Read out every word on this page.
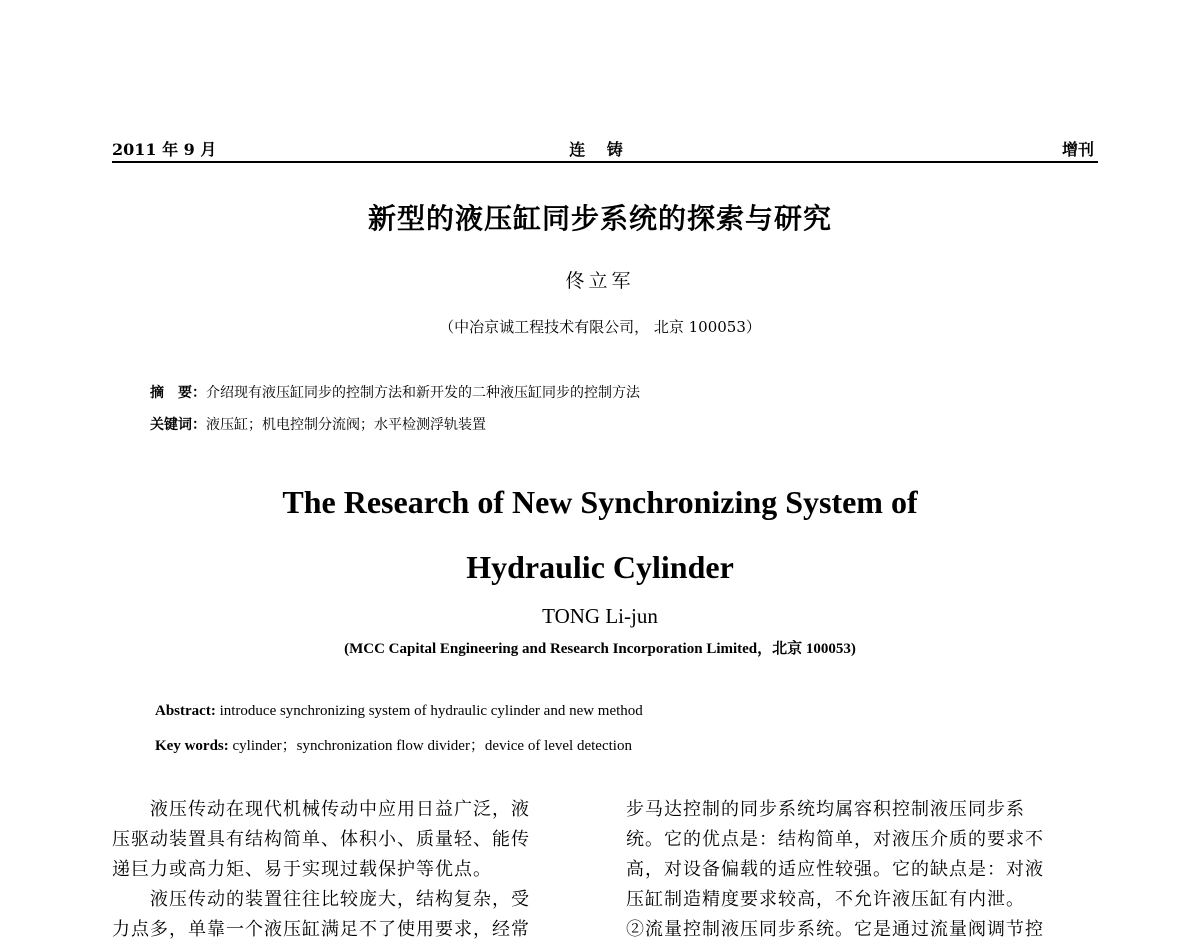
2011 年 9 月	连 铸	增刊
新型的液压缸同步系统的探索与研究
佟立军
（中冶京诚工程技术有限公司， 北京 100053）
摘　要：介绍现有液压缸同步的控制方法和新开发的二种液压缸同步的控制方法
关键词：液压缸；机电控制分流阀；水平检测浮轨装置
The Research of New Synchronizing System of
Hydraulic Cylinder
TONG Li-jun
(MCC Capital Engineering and Research Incorporation Limited，北京 100053)
Abstract: introduce synchronizing system of hydraulic cylinder and new method
Key words: cylinder；synchronization flow divider；device of level detection

　　液压传动在现代机械传动中应用日益广泛，液

压驱动装置具有结构简单、体积小、质量轻、能传

递巨力或高力矩、易于实现过载保护等优点。

　　液压传动的装置往往比较庞大，结构复杂，受

力点多，单靠一个液压缸满足不了使用要求，经常

步马达控制的同步系统均属容积控制液压同步系

统。它的优点是：结构简单，对液压介质的要求不

高，对设备偏载的适应性较强。它的缺点是：对液

压缸制造精度要求较高，不允许液压缸有内泄。

②流量控制液压同步系统。它是通过流量阀调节控
